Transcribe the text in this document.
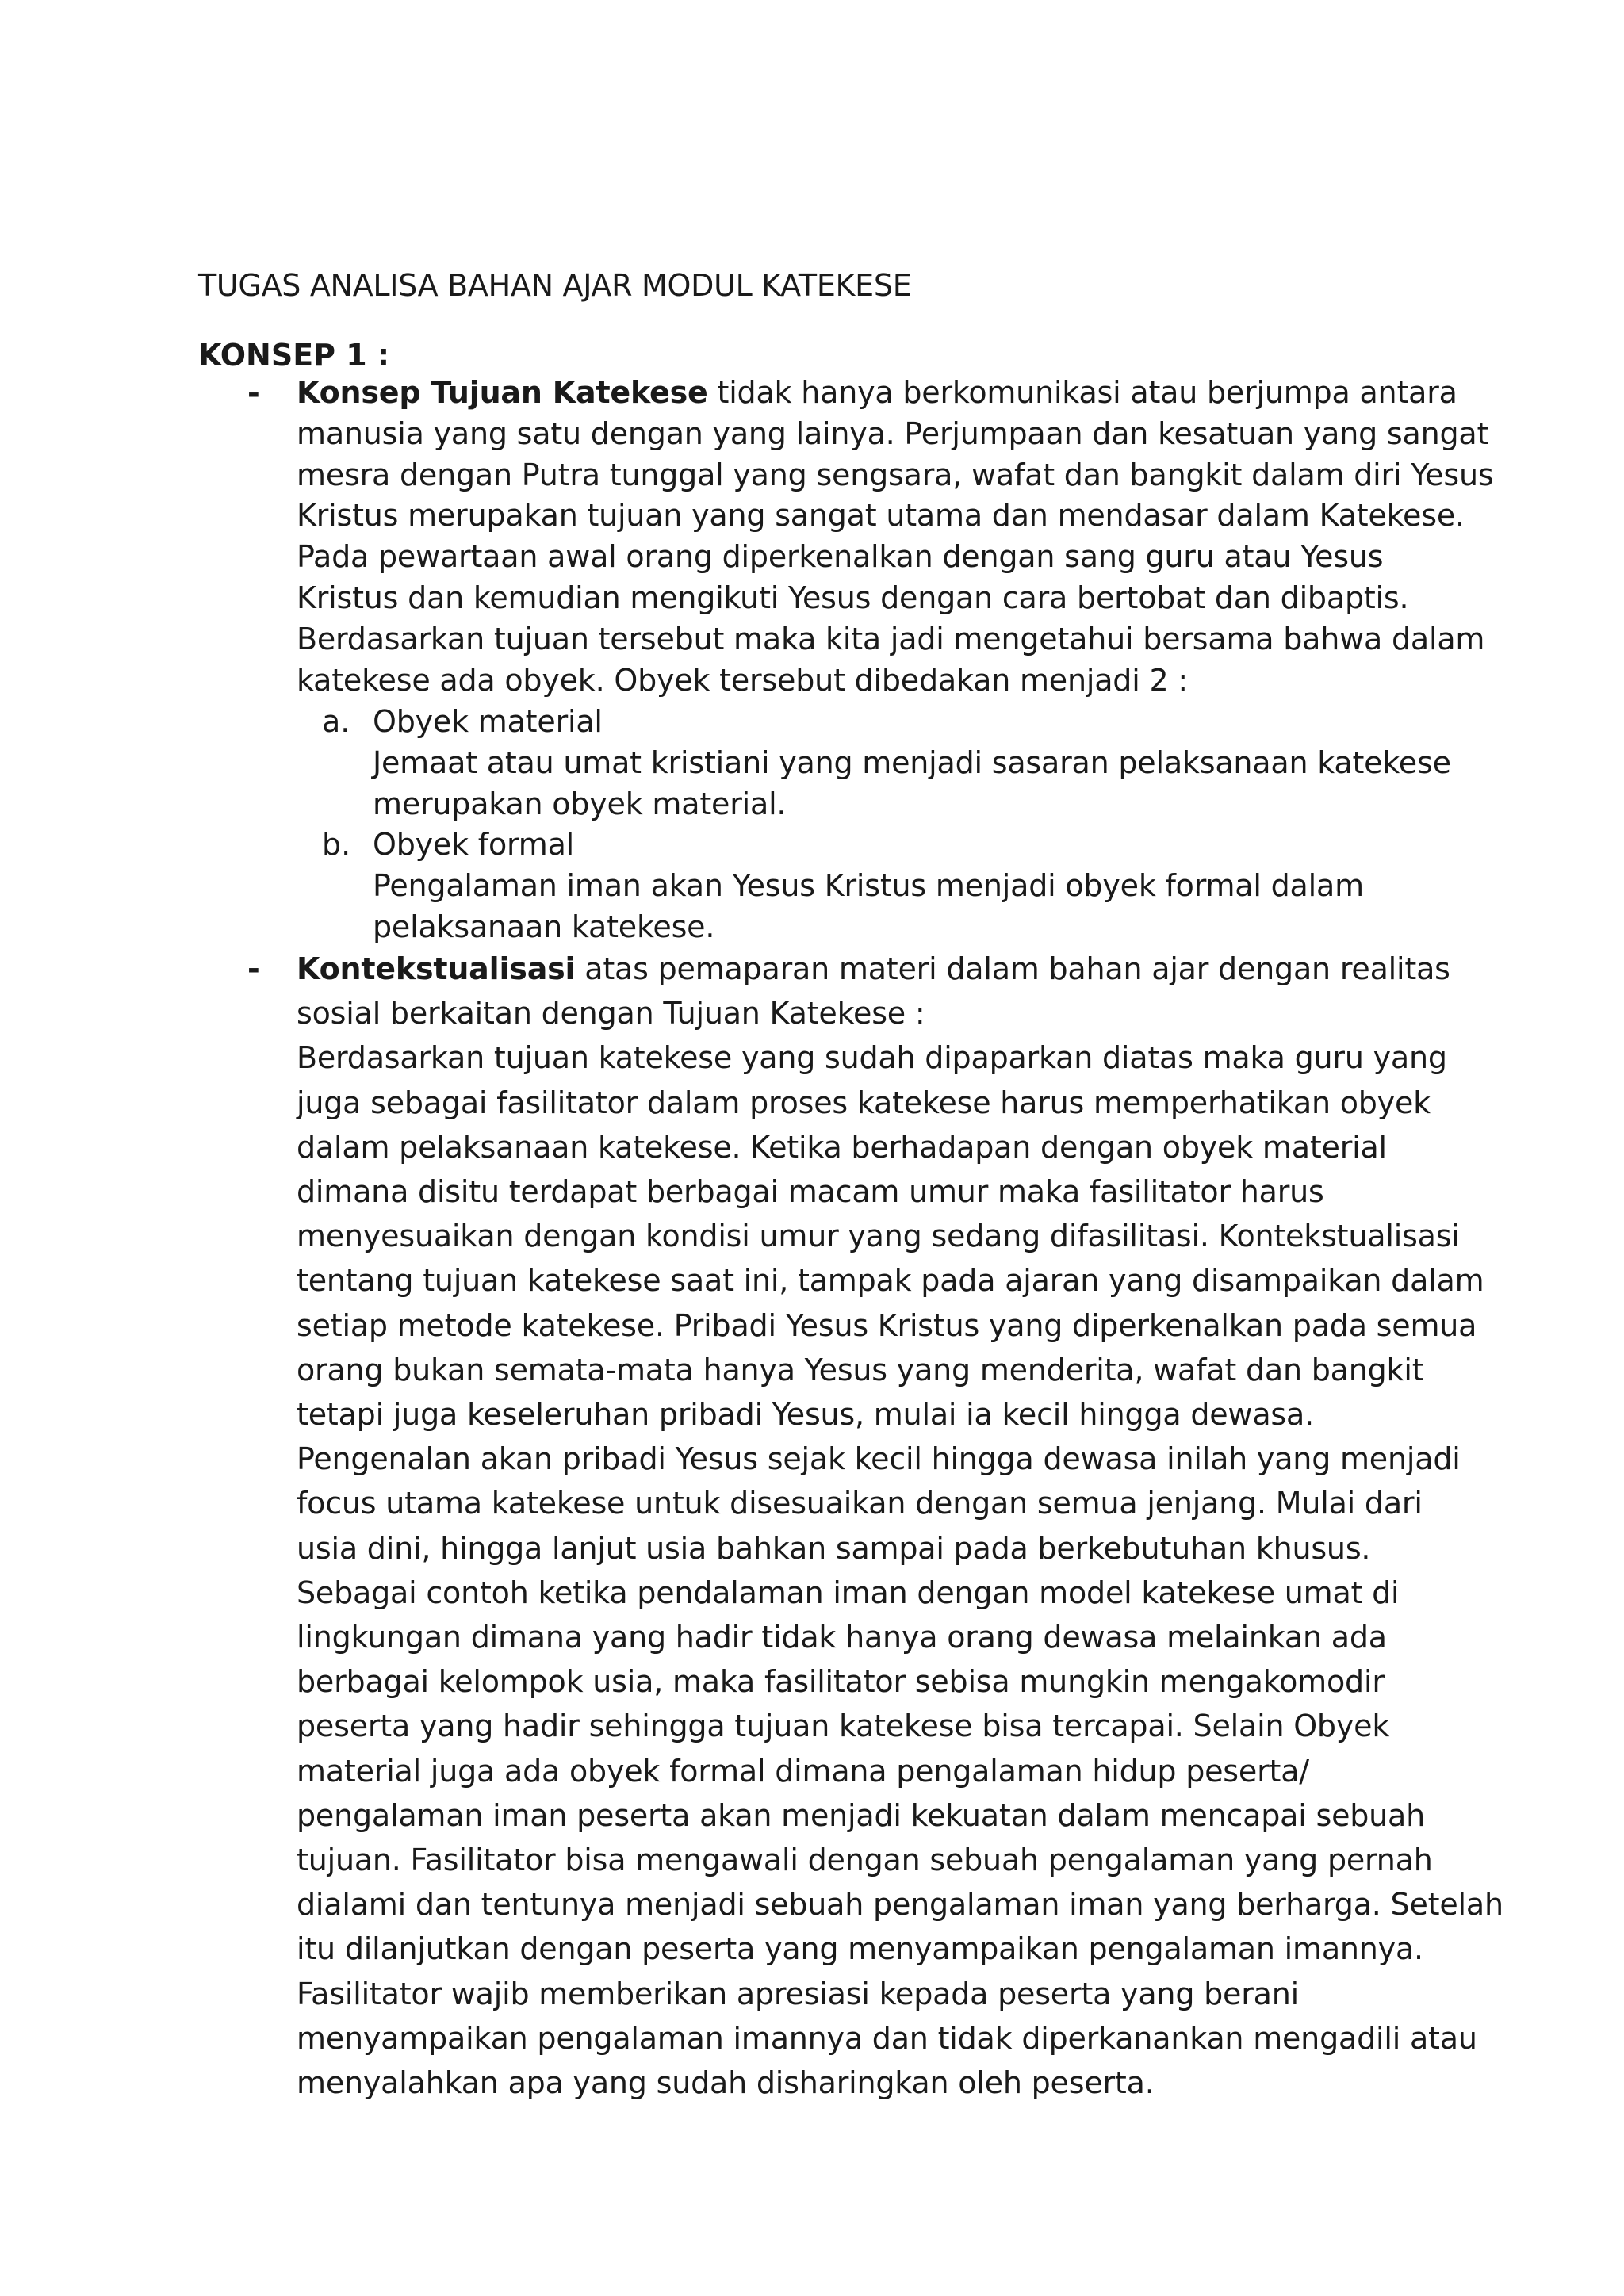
TUGAS ANALISA BAHAN AJAR MODUL KATEKESE
KONSEP 1 :
- Konsep Tujuan Katekese tidak hanya berkomunikasi atau berjumpa antara
manusia yang satu dengan yang lainya. Perjumpaan dan kesatuan yang sangat
mesra dengan Putra tunggal yang sengsara, wafat dan bangkit dalam diri Yesus
Kristus merupakan tujuan yang sangat utama dan mendasar dalam Katekese.
Pada pewartaan awal orang diperkenalkan dengan sang guru atau Yesus
Kristus dan kemudian mengikuti Yesus dengan cara bertobat dan dibaptis.
Berdasarkan tujuan tersebut maka kita jadi mengetahui bersama bahwa dalam
katekese ada obyek. Obyek tersebut dibedakan menjadi 2 :
a. Obyek material
Jemaat atau umat kristiani yang menjadi sasaran pelaksanaan katekese
merupakan obyek material.
b. Obyek formal
Pengalaman iman akan Yesus Kristus menjadi obyek formal dalam
pelaksanaan katekese.
- Kontekstualisasi atas pemaparan materi dalam bahan ajar dengan realitas
sosial berkaitan dengan Tujuan Katekese :
Berdasarkan tujuan katekese yang sudah dipaparkan diatas maka guru yang
juga sebagai fasilitator dalam proses katekese harus memperhatikan obyek
dalam pelaksanaan katekese. Ketika berhadapan dengan obyek material
dimana disitu terdapat berbagai macam umur maka fasilitator harus
menyesuaikan dengan kondisi umur yang sedang difasilitasi. Kontekstualisasi
tentang tujuan katekese saat ini, tampak pada ajaran yang disampaikan dalam
setiap metode katekese. Pribadi Yesus Kristus yang diperkenalkan pada semua
orang bukan semata-mata hanya Yesus yang menderita, wafat dan bangkit
tetapi juga keseleruhan pribadi Yesus, mulai ia kecil hingga dewasa.
Pengenalan akan pribadi Yesus sejak kecil hingga dewasa inilah yang menjadi
focus utama katekese untuk disesuaikan dengan semua jenjang. Mulai dari
usia dini, hingga lanjut usia bahkan sampai pada berkebutuhan khusus.
Sebagai contoh ketika pendalaman iman dengan model katekese umat di
lingkungan dimana yang hadir tidak hanya orang dewasa melainkan ada
berbagai kelompok usia, maka fasilitator sebisa mungkin mengakomodir
peserta yang hadir sehingga tujuan katekese bisa tercapai. Selain Obyek
material juga ada obyek formal dimana pengalaman hidup peserta/
pengalaman iman peserta akan menjadi kekuatan dalam mencapai sebuah
tujuan. Fasilitator bisa mengawali dengan sebuah pengalaman yang pernah
dialami dan tentunya menjadi sebuah pengalaman iman yang berharga. Setelah
itu dilanjutkan dengan peserta yang menyampaikan pengalaman imannya.
Fasilitator wajib memberikan apresiasi kepada peserta yang berani
menyampaikan pengalaman imannya dan tidak diperkanankan mengadili atau
menyalahkan apa yang sudah disharingkan oleh peserta.
